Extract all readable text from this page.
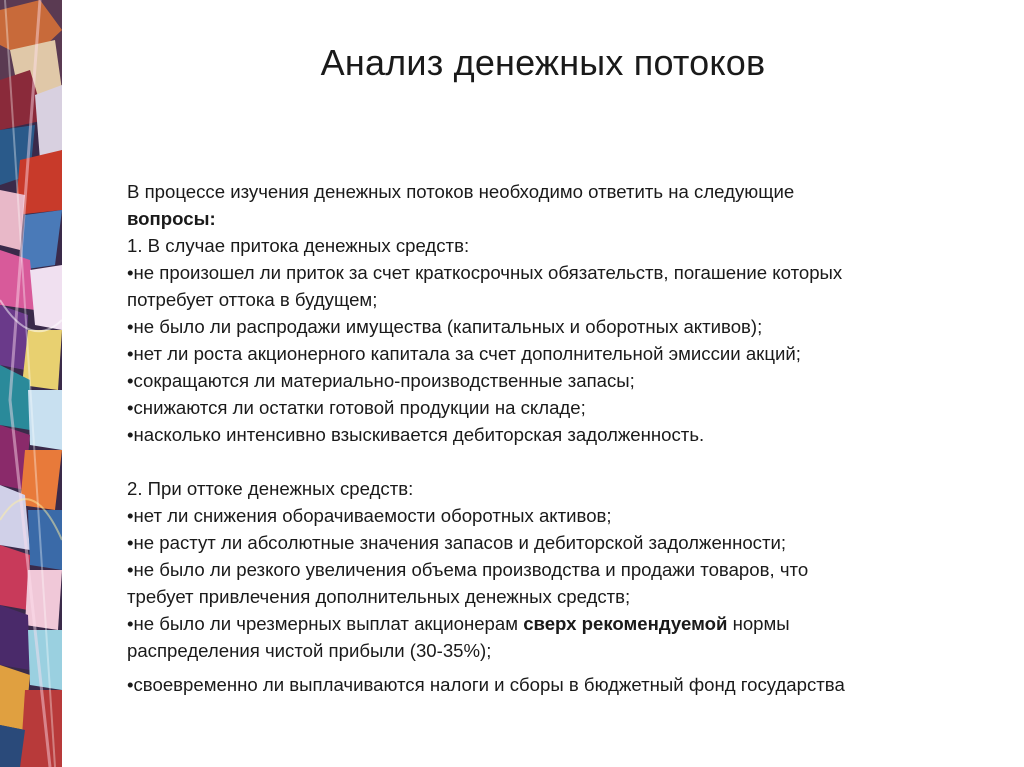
Анализ денежных потоков
В процессе изучения денежных потоков необходимо ответить на следующие
вопросы:
1. В случае притока денежных средств:
•не произошел ли приток за счет краткосрочных обязательств, погашение которых
потребует оттока в будущем;
•не было ли распродажи имущества (капитальных и оборотных активов);
•нет ли роста акционерного капитала за счет дополнительной эмиссии акций;
•сокращаются ли материально-производственные запасы;
•снижаются ли остатки готовой продукции на складе;
•насколько интенсивно взыскивается дебиторская задолженность.
2. При оттоке денежных средств:
•нет ли снижения оборачиваемости оборотных активов;
•не растут ли абсолютные значения запасов и дебиторской задолженности;
•не было ли резкого увеличения объема производства и продажи товаров, что
требует привлечения дополнительных денежных средств;
•не было ли чрезмерных выплат акционерам сверх рекомендуемой нормы
распределения чистой прибыли (30-35%);
•своевременно ли выплачиваются налоги и сборы в бюджетный фонд государства
